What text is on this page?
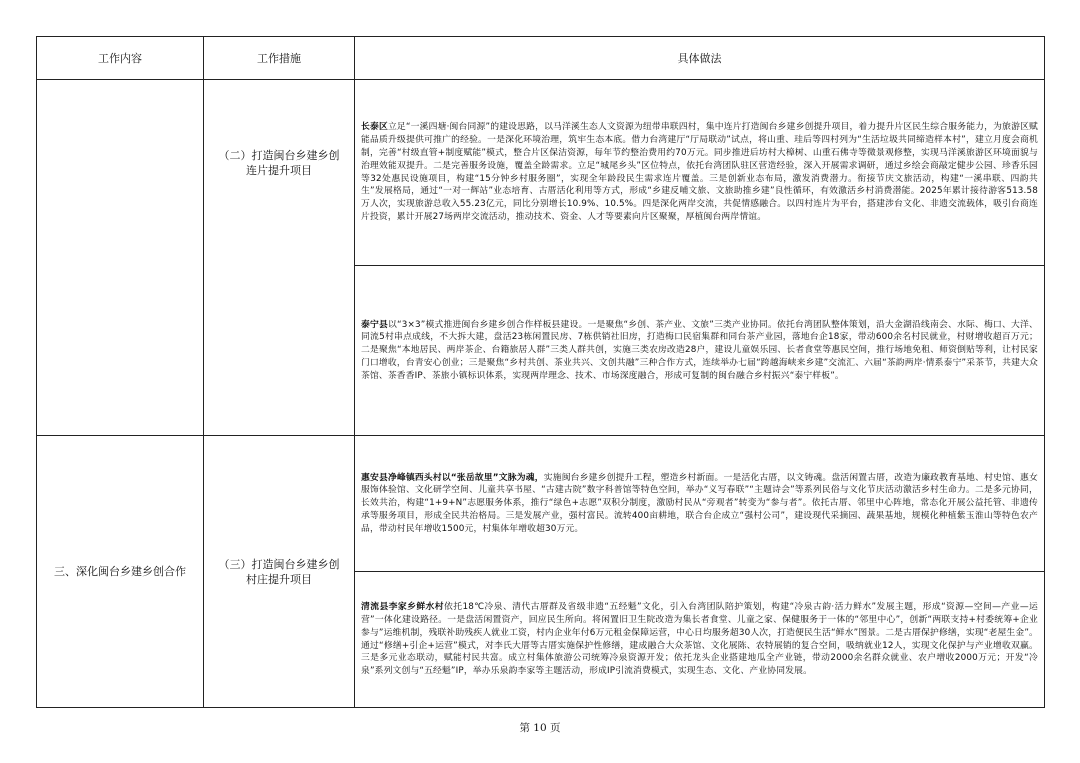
工作内容	工作措施	具体做法

	（二）打造闽台乡建乡创连片提升项目	长泰区立足“一溪四塘·闽台同源”的建设思路，以马洋溪生态人文资源为纽带串联四村，集中连片打造闽台乡建乡创提升项目，着力提升片区民生综合服务能力，为旅游区赋能品质升级提供可推广的经验。一是深化环境治理，筑牢生态本底。借力台湾建厅“厅局联动”试点，将山重、珪后等四村列为“生活垃圾共同缔造样本村”，建立月度会商机制，完善“村级直管+制度赋能”模式，整合片区保洁资源，每年节约整治费用约70万元。同步推进后坊村大樟树、山重石佛寺等微景观修整，实现马洋溪旅游区环境面貌与治理效能双提升。二是完善服务设施，覆盖全龄需求。立足“城尾乡头”区位特点，依托台湾团队驻区营造经验，深入开展需求调研，通过乡绘会商敲定健步公园、珍香乐园等32处惠民设施项目，构建“15分钟乡村服务圈”，实现全年龄段民生需求连片覆盖。三是创新业态布局，激发消费潜力。衔接节庆文旅活动，构建“一溪串联、四韵共生”发展格局，通过“一对一辉站”业态培育、古厝活化利用等方式，形成“乡建反哺文旅、文旅助推乡建”良性循环，有效激活乡村消费潜能。2025年累计接待游客513.58万人次，实现旅游总收入55.23亿元，同比分别增长10.9%、10.5%。四是深化两岸交流，共促情感融合。以四村连片为平台，搭建涉台文化、非遗交流载体，吸引台商连片投资，累计开展27场两岸交流活动，推动技术、资金、人才等要素向片区聚聚，厚植闽台两岸情谊。

		泰宁县以“3×3”模式推进闽台乡建乡创合作样板县建设。一是聚焦“乡创、茶产业、文旅”三类产业协同。依托台湾团队整体策划，沿大金湖沿线南会、水际、梅口、大洋、同流5村串点成线，不大拆大建，盘活23栋闲置民房、7栋供销社旧房，打造梅口民宿集群和同台茶产业园，落地台企18家，带动600余名村民就业，村财增收超百万元；二是聚焦“本地居民、两岸茶企、台籍旅居人群”三类人群共创，实施三类农房改造28户，建设儿童娱乐园、长者食堂等惠民空间，推行场地免租、师资倒贴等利，让村民家门口增收，台青安心创业；三是聚焦“乡村共创、茶业共兴、文创共融”三种合作方式，连续举办七届“跨越海峡来乡建”交流汇、六届“茶韵两岸·情系泰宁”采茶节，共建大众茶馆、茶香香IP、茶旅小镇标识体系，实现两岸理念、技术、市场深度融合，形成可复制的闽台融合乡村振兴“泰宁样板”。

三、深化闽台乡建乡创合作	（三）打造闽台乡建乡创村庄提升项目	惠安县净峰镇西头村以“张岳故里”文脉为魂，实施闽台乡建乡创提升工程，塑造乡村新面。一是活化古厝，以文铸魂。盘活闲置古厝，改造为廉政教育基地、村史馆、惠女服饰体验馆、文化研学空间、儿童共享书屋、“古建古院”数字科普馆等特色空间，举办“义写春联”“主题诗会”等系列民俗与文化节庆活动激活乡村生命力。二是多元协同，长效共治，构建“1+9+N”志愿服务体系，推行“绿色+志愿”双积分制度，激励村民从“旁观者”转变为“参与者”。依托古厝、邻里中心阵地，常态化开展公益托管、非遗传承等服务项目，形成全民共治格局。三是发展产业，强村富民。流转400亩耕地，联合台企成立“强村公司”，建设现代采摘园、蔬果基地，规模化种植紫玉淮山等特色农产品，带动村民年增收1500元，村集体年增收超30万元。

		清流县李家乡鲜水村依托18℃冷泉、清代古厝群及省级非遗“五经魁”文化，引入台湾团队陪护策划，构建“冷泉古韵·活力鲜水”发展主题，形成“资源—空间—产业—运营”一体化建设路径。一是盘活闲置资产，回应民生所向。将闲置旧卫生院改造为集长者食堂、儿童之家、保健服务于一体的“邻里中心”，创新“两联支持+村委统筹+企业参与”运维机制，残联补助残疾人就业工资，村内企业年付6万元租金保障运营，中心日均服务超30人次，打造便民生活“鲜水”图景。二是古厝保护修缮，实现“老屋生金”。通过“修缮+引企+运营”模式，对李氏大厝等古厝实施保护性修缮，建成融合大众茶馆、文化展陈、农特展销的复合空间，吸纳就业12人，实现文化保护与产业增收双赢。三是多元业态联动，赋能村民共富。成立村集体旅游公司统筹冷泉资源开发；依托龙头企业搭建地瓜全产业链，带动2000余名群众就业、农户增收2000万元；开发“冷泉”系列文创与“五经魁”IP，举办乐泉韵李家等主题活动，形成IP引流消费模式，实现生态、文化、产业协同发展。
第 10 页
